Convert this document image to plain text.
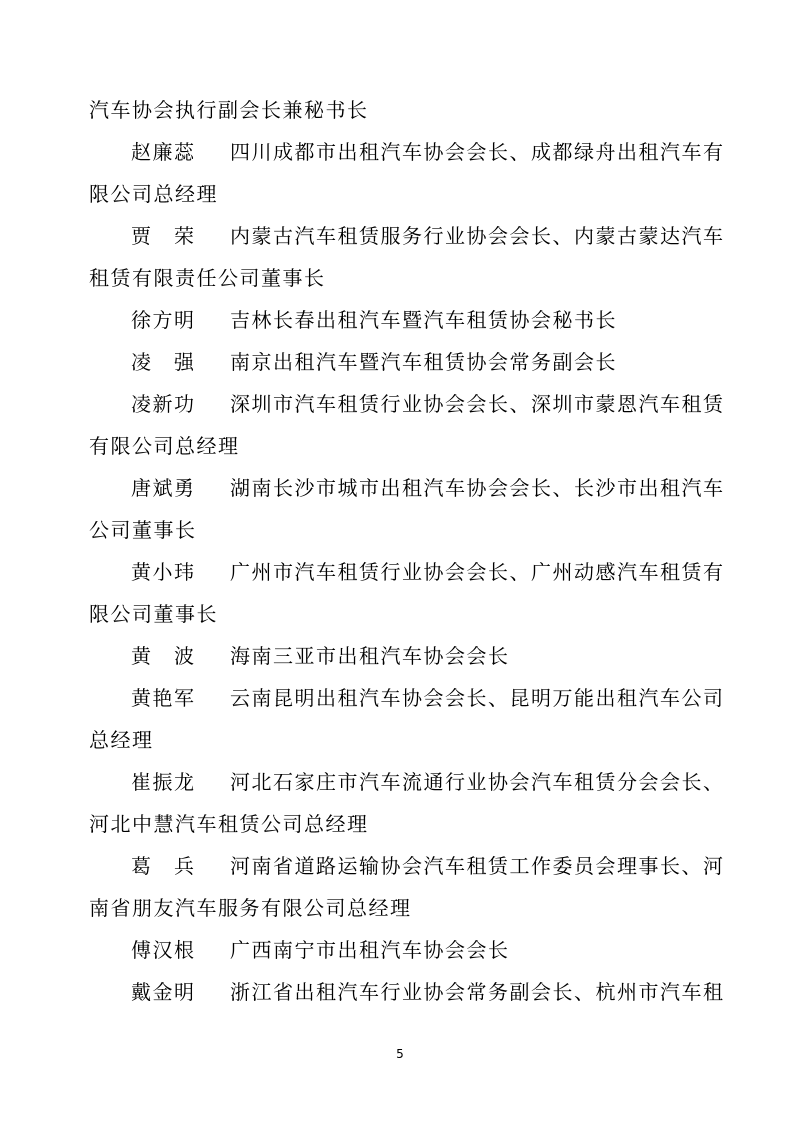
汽车协会执行副会长兼秘书长
赵廉蕊 四川成都市出租汽车协会会长、成都绿舟出租汽车有
限公司总经理
贾　荣 内蒙古汽车租赁服务行业协会会长、内蒙古蒙达汽车
租赁有限责任公司董事长
徐方明 吉林长春出租汽车暨汽车租赁协会秘书长
凌　强 南京出租汽车暨汽车租赁协会常务副会长
凌新功 深圳市汽车租赁行业协会会长、深圳市蒙恩汽车租赁
有限公司总经理
唐斌勇 湖南长沙市城市出租汽车协会会长、长沙市出租汽车
公司董事长
黄小玮 广州市汽车租赁行业协会会长、广州动感汽车租赁有
限公司董事长
黄　波 海南三亚市出租汽车协会会长
黄艳军 云南昆明出租汽车协会会长、昆明万能出租汽车公司
总经理
崔振龙 河北石家庄市汽车流通行业协会汽车租赁分会会长、
河北中慧汽车租赁公司总经理
葛　兵 河南省道路运输协会汽车租赁工作委员会理事长、河
南省朋友汽车服务有限公司总经理
傅汉根 广西南宁市出租汽车协会会长
戴金明 浙江省出租汽车行业协会常务副会长、杭州市汽车租
5
